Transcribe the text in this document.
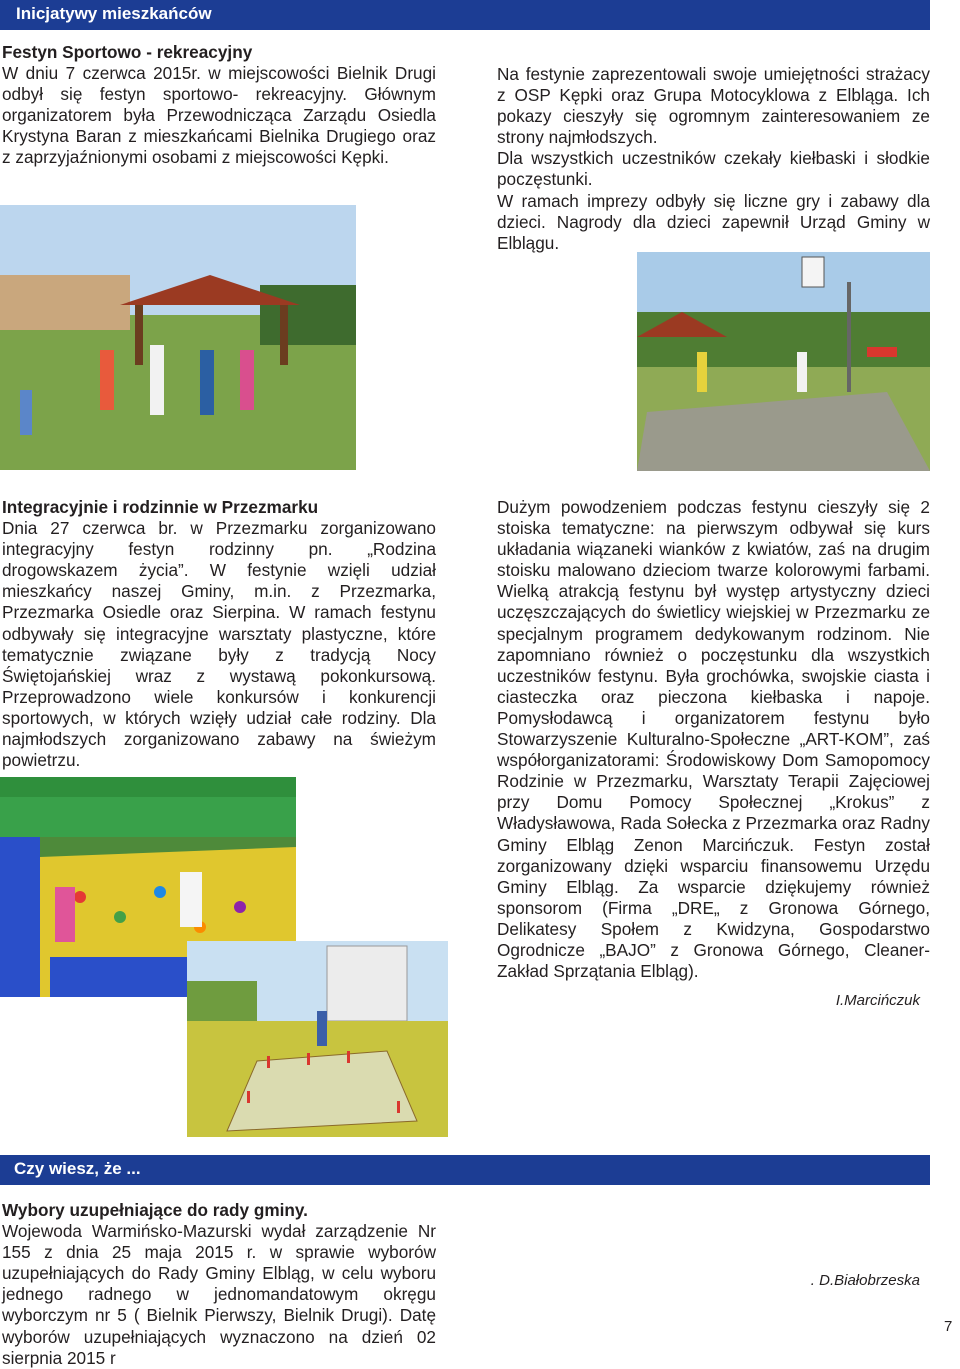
Inicjatywy mieszkańców
Festyn Sportowo - rekreacyjny

W dniu 7 czerwca 2015r. w miejscowości Bielnik Drugi odbył się festyn sportowo- rekreacyjny. Głównym organizatorem była Przewodnicząca Zarządu Osiedla Krystyna Baran z mieszkańcami Bielnika Drugiego oraz z zaprzyjaźnionymi osobami z miejscowości Kępki.

Na festynie zaprezentowali swoje umiejętności strażacy z OSP Kępki oraz Grupa Motocyklowa z Elbląga. Ich pokazy cieszyły się ogromnym zainteresowaniem ze strony najmłodszych.

Dla wszystkich uczestników czekały kiełbaski i słodkie poczęstunki.

W ramach imprezy odbyły się liczne gry i zabawy dla dzieci. Nagrody dla dzieci zapewnił Urząd Gminy w Elblągu.

Integracyjnie i rodzinnie w Przezmarku

Dnia 27 czerwca br. w Przezmarku zorganizowano integracyjny festyn rodzinny pn. „Rodzina drogowskazem życia”. W festynie wzięli udział mieszkańcy naszej Gminy, m.in. z Przezmarka, Przezmarka Osiedle oraz Sierpina. W ramach festynu odbywały się integracyjne warsztaty plastyczne, które tematycznie związane były z tradycją Nocy Świętojańskiej wraz z wystawą pokonkursową. Przeprowadzono wiele konkursów i konkurencji sportowych, w których wzięły udział całe rodziny. Dla najmłodszych zorganizowano zabawy na świeżym powietrzu.

Dużym powodzeniem podczas festynu cieszyły się 2 stoiska tematyczne: na pierwszym odbywał się kurs układania wiązaneki wianków z kwiatów, zaś na drugim stoisku malowano dzieciom twarze kolorowymi farbami. Wielką atrakcją festynu był występ artystyczny dzieci uczęszczających do świetlicy wiejskiej w Przezmarku ze specjalnym programem dedykowanym rodzinom. Nie zapomniano również o poczęstunku dla wszystkich uczestników festynu. Była grochówka, swojskie ciasta i ciasteczka oraz pieczona kiełbaska i napoje. Pomysłodawcą i organizatorem festynu było Stowarzyszenie Kulturalno-Społeczne „ART-KOM”, zaś współorganizatorami: Środowiskowy Dom Samopomocy Rodzinie w Przezmarku, Warsztaty Terapii Zajęciowej przy Domu Pomocy Społecznej „Krokus” z Władysławowa, Rada Sołecka z Przezmarka oraz Radny Gminy Elbląg Zenon Marcińczuk. Festyn został zorganizowany dzięki wsparciu finansowemu Urzędu Gminy Elbląg. Za wsparcie dziękujemy również sponsorom (Firma „DRE„ z Gronowa Górnego, Delikatesy Społem z Kwidzyna, Gospodarstwo Ogrodnicze „BAJO” z Gronowa Górnego, Cleaner- Zakład Sprzątania Elbląg).

I.Marcińczuk

Czy wiesz, że ...
Wybory uzupełniające do rady gminy.

Wojewoda Warmińsko-Mazurski wydał zarządzenie Nr 155 z dnia 25 maja 2015 r. w sprawie wyborów uzupełniających do Rady Gminy Elbląg, w celu wyboru jednego radnego w jednomandatowym okręgu wyborczym nr 5 ( Bielnik Pierwszy, Bielnik Drugi). Datę wyborów uzupełniających wyznaczono na dzień 02 sierpnia 2015 r

. D.Białobrzeska

7
